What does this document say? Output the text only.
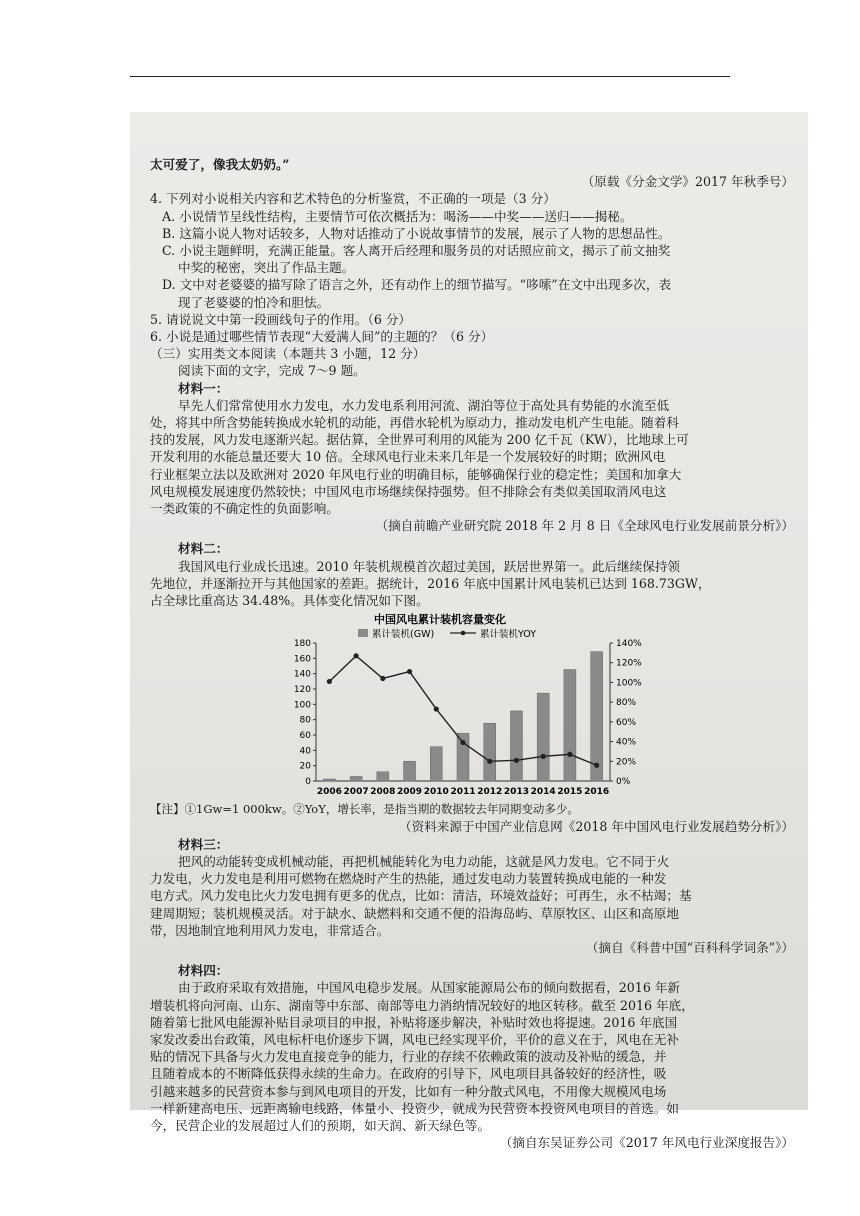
太可爱了，像我太奶奶。”
（原载《分金文学》2017 年秋季号）
4. 下列对小说相关内容和艺术特色的分析鉴赏，不正确的一项是（3 分）
A. 小说情节呈线性结构，主要情节可依次概括为：喝汤——中奖——送归——揭秘。
B. 这篇小说人物对话较多，人物对话推动了小说故事情节的发展，展示了人物的思想品性。
C. 小说主题鲜明，充满正能量。客人离开后经理和服务员的对话照应前文，揭示了前文抽奖
中奖的秘密，突出了作品主题。
D. 文中对老婆婆的描写除了语言之外，还有动作上的细节描写。“哆嗦”在文中出现多次，表
现了老婆婆的怕冷和胆怯。
5. 请说说文中第一段画线句子的作用。（6 分）
6. 小说是通过哪些情节表现“大爱满人间”的主题的？（6 分）
（三）实用类文本阅读（本题共 3 小题，12 分）
阅读下面的文字，完成 7～9 题。
材料一：
早先人们常常使用水力发电，水力发电系利用河流、湖泊等位于高处具有势能的水流至低
处，将其中所含势能转换成水轮机的动能，再借水轮机为原动力，推动发电机产生电能。随着科
技的发展，风力发电逐渐兴起。据估算，全世界可利用的风能为 200 亿千瓦（KW），比地球上可
开发利用的水能总量还要大 10 倍。全球风电行业未来几年是一个发展较好的时期；欧洲风电
行业框架立法以及欧洲对 2020 年风电行业的明确目标，能够确保行业的稳定性；美国和加拿大
风电规模发展速度仍然较快；中国风电市场继续保持强势。但不排除会有类似美国取消风电这
一类政策的不确定性的负面影响。
（摘自前瞻产业研究院 2018 年 2 月 8 日《全球风电行业发展前景分析》）
材料二：
我国风电行业成长迅速。2010 年装机规模首次超过美国，跃居世界第一。此后继续保持领
先地位，并逐渐拉开与其他国家的差距。据统计，2016 年底中国累计风电装机已达到 168.73GW，
占全球比重高达 34.48%。具体变化情况如下图。
中国风电累计装机容量变化
累计装机(GW)	累计装机YOY
0
20
40
60
80
100
120
140
160
180
0%
20%
40%
60%
80%
100%
120%
140%
2006 2007 2008 2009 2010 2011 2012 2013 2014 2015 2016
【注】①1Gw=1 000kw。②YoY，增长率，是指当期的数据较去年同期变动多少。
（资料来源于中国产业信息网《2018 年中国风电行业发展趋势分析》）
材料三：
把风的动能转变成机械动能，再把机械能转化为电力动能，这就是风力发电。它不同于火
力发电，火力发电是利用可燃物在燃烧时产生的热能，通过发电动力装置转换成电能的一种发
电方式。风力发电比火力发电拥有更多的优点，比如：清洁，环境效益好；可再生，永不枯竭；基
建周期短；装机规模灵活。对于缺水、缺燃料和交通不便的沿海岛屿、草原牧区、山区和高原地
带，因地制宜地利用风力发电，非常适合。
（摘自《科普中国“百科科学词条”》）
材料四：
由于政府采取有效措施，中国风电稳步发展。从国家能源局公布的倾向数据看，2016 年新
增装机将向河南、山东、湖南等中东部、南部等电力消纳情况较好的地区转移。截至 2016 年底，
随着第七批风电能源补贴目录项目的申报，补贴将逐步解决，补贴时效也将提速。2016 年底国
家发改委出台政策，风电标杆电价逐步下调，风电已经实现平价，平价的意义在于，风电在无补
贴的情况下具备与火力发电直接竞争的能力，行业的存续不依赖政策的波动及补贴的缓急，并
且随着成本的不断降低获得永续的生命力。在政府的引导下，风电项目具备较好的经济性，吸
引越来越多的民营资本参与到风电项目的开发，比如有一种分散式风电，不用像大规模风电场
一样新建高电压、远距离输电线路，体量小、投资少，就成为民营资本投资风电项目的首选。如
今，民营企业的发展超过人们的预期，如天润、新天绿色等。
（摘自东吴证券公司《2017 年风电行业深度报告》）
